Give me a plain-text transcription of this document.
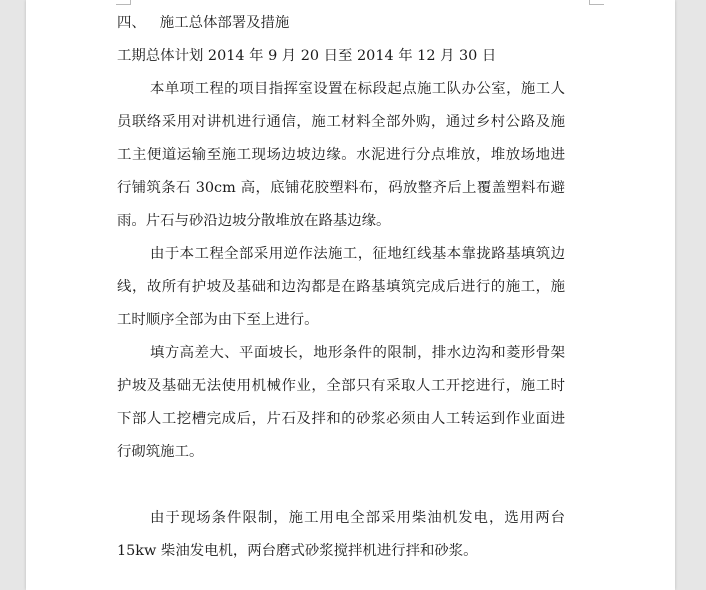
四、 施工总体部署及措施
工期总体计划 2014 年 9 月 20 日至 2014 年 12 月 30 日
本单项工程的项目指挥室设置在标段起点施工队办公室，施工人
员联络采用对讲机进行通信，施工材料全部外购，通过乡村公路及施
工主便道运输至施工现场边坡边缘。水泥进行分点堆放，堆放场地进
行铺筑条石 30cm 高，底铺花胶塑料布，码放整齐后上覆盖塑料布避
雨。片石与砂沿边坡分散堆放在路基边缘。
由于本工程全部采用逆作法施工，征地红线基本靠拢路基填筑边
线，故所有护坡及基础和边沟都是在路基填筑完成后进行的施工，施
工时顺序全部为由下至上进行。
填方高差大、平面坡长，地形条件的限制，排水边沟和菱形骨架
护坡及基础无法使用机械作业，全部只有采取人工开挖进行，施工时
下部人工挖槽完成后，片石及拌和的砂浆必须由人工转运到作业面进
行砌筑施工。
由于现场条件限制，施工用电全部采用柴油机发电，选用两台
15kw 柴油发电机，两台磨式砂浆搅拌机进行拌和砂浆。
